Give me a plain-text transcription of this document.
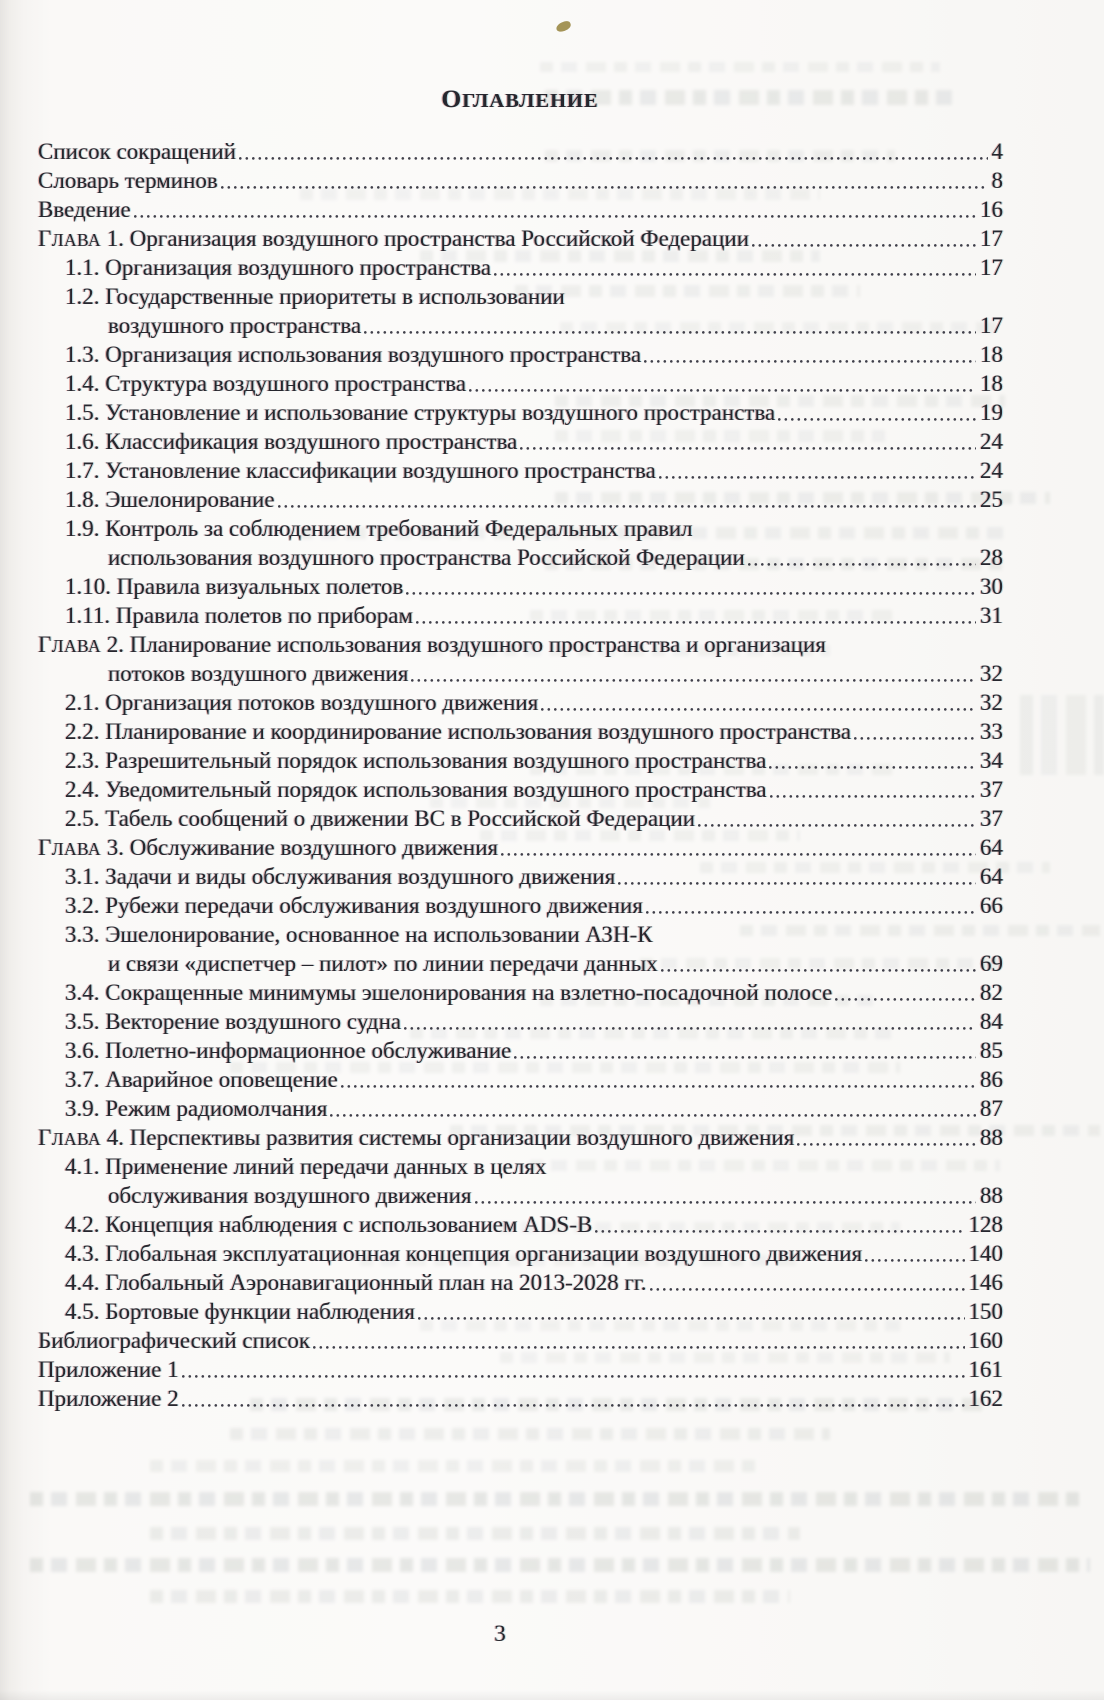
ОГЛАВЛЕНИЕ
Список сокращений	4
Словарь терминов	8
Введение	16
ГЛАВА 1. Организация воздушного пространства Российской Федерации	17
1.1. Организация воздушного пространства	17
1.2. Государственные приоритеты в использовании
воздушного пространства	17
1.3. Организация использования воздушного пространства	18
1.4. Структура воздушного пространства	18
1.5. Установление и использование структуры воздушного пространства	19
1.6. Классификация воздушного пространства	24
1.7. Установление классификации воздушного пространства	24
1.8. Эшелонирование	25
1.9. Контроль за соблюдением требований Федеральных правил
использования воздушного пространства Российской Федерации	28
1.10. Правила визуальных полетов	30
1.11. Правила полетов по приборам	31
ГЛАВА 2. Планирование использования воздушного пространства и организация
потоков воздушного движения	32
2.1. Организация потоков воздушного движения	32
2.2. Планирование и координирование использования воздушного пространства	33
2.3. Разрешительный порядок использования воздушного пространства	34
2.4. Уведомительный порядок использования воздушного пространства	37
2.5. Табель сообщений о движении ВС в Российской Федерации	37
ГЛАВА 3. Обслуживание воздушного движения	64
3.1. Задачи и виды обслуживания воздушного движения	64
3.2. Рубежи передачи обслуживания воздушного движения	66
3.3. Эшелонирование, основанное на использовании АЗН-К
и связи «диспетчер – пилот» по линии передачи данных	69
3.4. Сокращенные минимумы эшелонирования на взлетно-посадочной полосе	82
3.5. Векторение воздушного судна	84
3.6. Полетно-информационное обслуживание	85
3.7. Аварийное оповещение	86
3.9. Режим радиомолчания	87
ГЛАВА 4. Перспективы развития системы организации воздушного движения	88
4.1. Применение линий передачи данных в целях
обслуживания воздушного движения	88
4.2. Концепция наблюдения с использованием ADS-B	128
4.3. Глобальная эксплуатационная концепция организации воздушного движения	140
4.4. Глобальный Аэронавигационный план на 2013-2028 гг.	146
4.5. Бортовые функции наблюдения	150
Библиографический список	160
Приложение 1	161
Приложение 2	162
3
